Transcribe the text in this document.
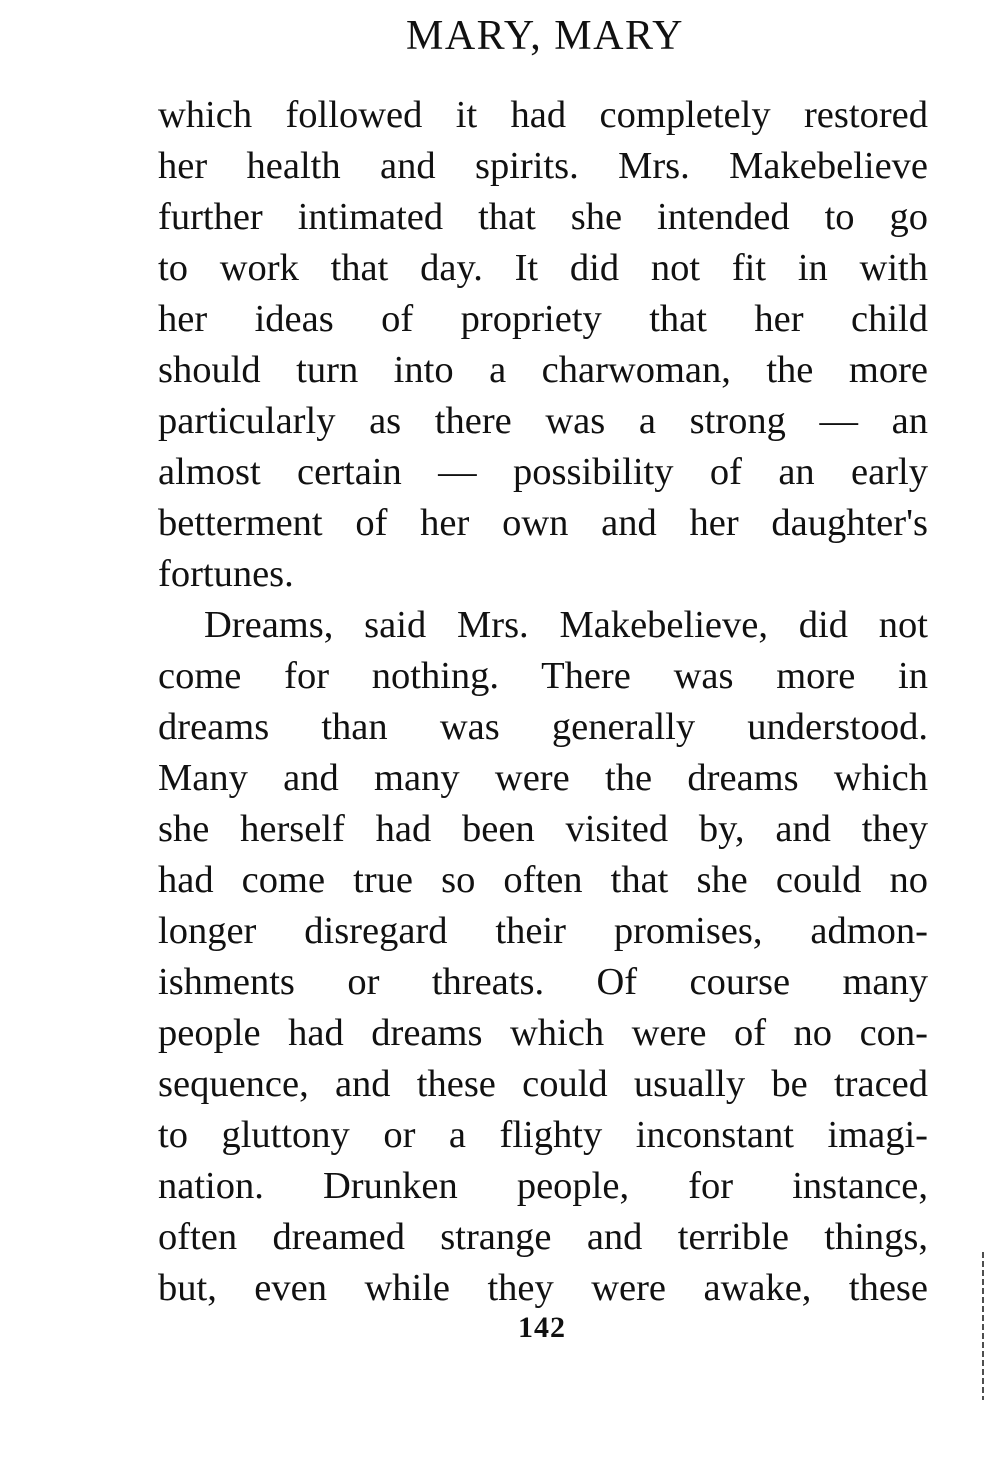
MARY, MARY
which followed it had completely restored
her health and spirits. Mrs. Makebelieve
further intimated that she intended to go
to work that day. It did not fit in with
her ideas of propriety that her child
should turn into a charwoman, the more
particularly as there was a strong — an
almost certain — possibility of an early
betterment of her own and her daughter's
fortunes.
Dreams, said Mrs. Makebelieve, did not
come for nothing. There was more in
dreams than was generally understood.
Many and many were the dreams which
she herself had been visited by, and they
had come true so often that she could no
longer disregard their promises, admon-
ishments or threats. Of course many
people had dreams which were of no con-
sequence, and these could usually be traced
to gluttony or a flighty inconstant imagi-
nation. Drunken people, for instance,
often dreamed strange and terrible things,
but, even while they were awake, these
142
